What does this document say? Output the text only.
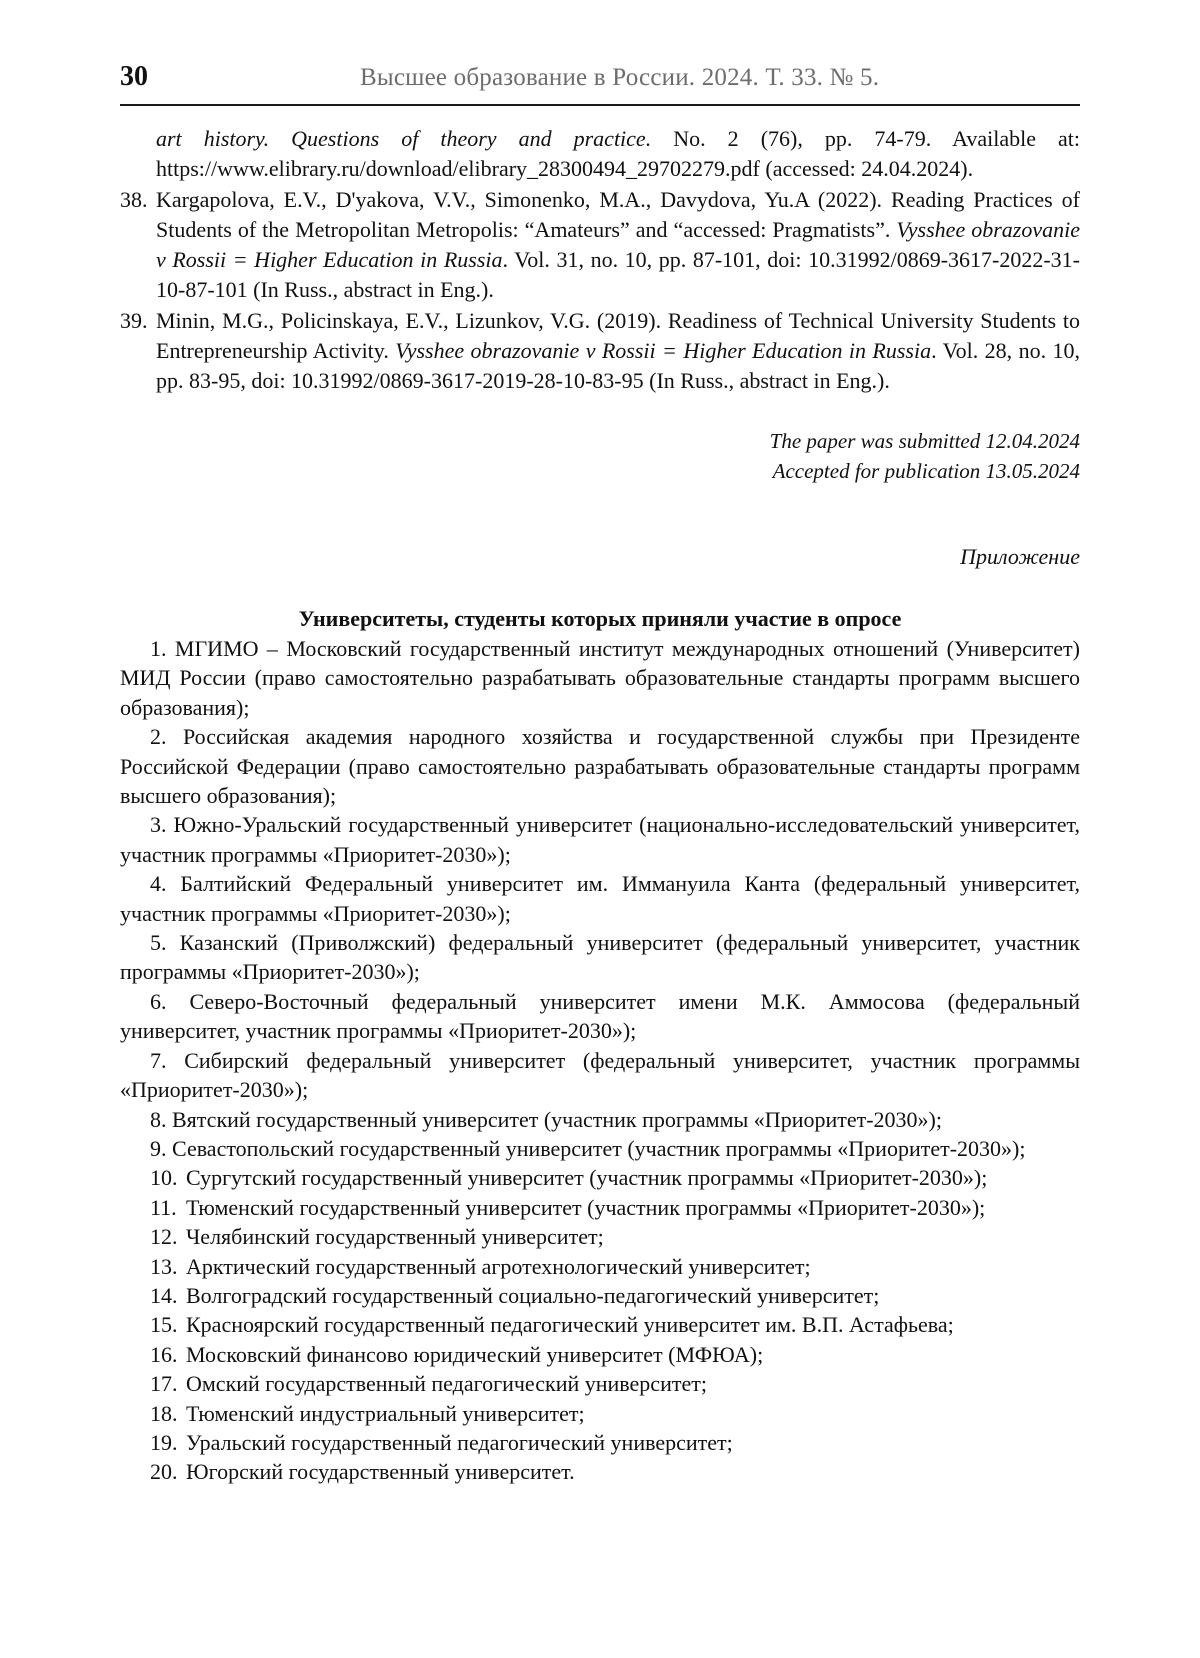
30	Высшее образование в России. 2024. Т. 33. № 5.
art history. Questions of theory and practice. No. 2 (76), pp. 74-79. Available at: https://www.elibrary.ru/download/elibrary_28300494_29702279.pdf (accessed: 24.04.2024).
38. Kargapolova, E.V., D'yakova, V.V., Simonenko, M.A., Davydova, Yu.A (2022). Reading Practices of Students of the Metropolitan Metropolis: “Amateurs” and “accessed: Pragmatists”. Vysshee obrazovanie v Rossii = Higher Education in Russia. Vol. 31, no. 10, pp. 87-101, doi: 10.31992/0869-3617-2022-31-10-87-101 (In Russ., abstract in Eng.).
39. Minin, M.G., Policinskaya, E.V., Lizunkov, V.G. (2019). Readiness of Technical University Students to Entrepreneurship Activity. Vysshee obrazovanie v Rossii = Higher Education in Russia. Vol. 28, no. 10, pp. 83-95, doi: 10.31992/0869-3617-2019-28-10-83-95 (In Russ., abstract in Eng.).
The paper was submitted 12.04.2024
Accepted for publication 13.05.2024
Приложение
Университеты, студенты которых приняли участие в опросе
1. МГИМО – Московский государственный институт международных отношений (Университет) МИД России (право самостоятельно разрабатывать образовательные стандарты программ высшего образования);
2. Российская академия народного хозяйства и государственной службы при Президенте Российской Федерации (право самостоятельно разрабатывать образовательные стандарты программ высшего образования);
3. Южно-Уральский государственный университет (национально-исследовательский университет, участник программы «Приоритет-2030»);
4. Балтийский Федеральный университет им. Иммануила Канта (федеральный университет, участник программы «Приоритет-2030»);
5. Казанский (Приволжский) федеральный университет (федеральный университет, участник программы «Приоритет-2030»);
6. Северо-Восточный федеральный университет имени М.К. Аммосова (федеральный университет, участник программы «Приоритет-2030»);
7. Сибирский федеральный университет (федеральный университет, участник программы «Приоритет-2030»);
8. Вятский государственный университет (участник программы «Приоритет-2030»);
9. Севастопольский государственный университет (участник программы «Приоритет-2030»);
10. Сургутский государственный университет (участник программы «Приоритет-2030»);
11. Тюменский государственный университет (участник программы «Приоритет-2030»);
12. Челябинский государственный университет;
13. Арктический государственный агротехнологический университет;
14. Волгоградский государственный социально-педагогический университет;
15. Красноярский государственный педагогический университет им. В.П. Астафьева;
16. Московский финансово юридический университет (МФЮА);
17. Омский государственный педагогический университет;
18. Тюменский индустриальный университет;
19. Уральский государственный педагогический университет;
20. Югорский государственный университет.
